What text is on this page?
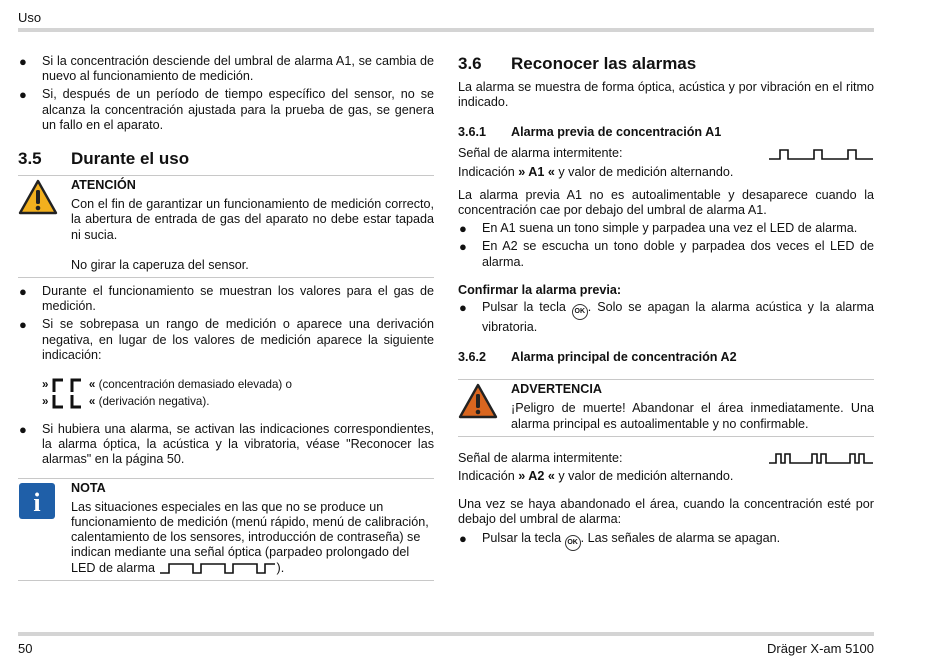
Uso
● Si la concentración desciende del umbral de alarma A1, se cambia de nuevo al funcionamiento de medición.
● Si, después de un período de tiempo específico del sensor, no se alcanza la concentración ajustada para la prueba de gas, se genera un fallo en el aparato.
3.5	Durante el uso
ATENCIÓN

Con el fin de garantizar un funcionamiento de medición correcto, la abertura de entrada de gas del aparato no debe estar tapada ni sucia.

No girar la caperuza del sensor.

● Durante el funcionamiento se muestran los valores para el gas de medición.
● Si se sobrepasa un rango de medición o aparece una derivación negativa, en lugar de los valores de medición aparece la siguiente indicación:
»	« (concentración demasiado elevada) o
»	« (derivación negativa).
● Si hubiera una alarma, se activan las indicaciones correspondientes, la alarma óptica, la acústica y la vibratoria, véase "Reconocer las alarmas" en la página 50.
i NOTA

Las situaciones especiales en las que no se produce un funcionamiento de medición (menú rápido, menú de calibración, calentamiento de los sensores, introducción de contraseña) se indican mediante una señal óptica (parpadeo prolongado del LED de alarma	).

3.6	Reconocer las alarmas

La alarma se muestra de forma óptica, acústica y por vibración en el ritmo indicado.

3.6.1	Alarma previa de concentración A1
Señal de alarma intermitente:

Indicación » A1 « y valor de medición alternando.

La alarma previa A1 no es autoalimentable y desaparece cuando la concentración cae por debajo del umbral de alarma A1.

● En A1 suena un tono simple y parpadea una vez el LED de alarma.
● En A2 se escucha un tono doble y parpadea dos veces el LED de alarma.

Confirmar la alarma previa:

● Pulsar la tecla OK . Solo se apagan la alarma acústica y la alarma vibratoria.
3.6.2	Alarma principal de concentración A2
ADVERTENCIA

¡Peligro de muerte! Abandonar el área inmediatamente. Una alarma principal es autoalimentable y no confirmable.

Señal de alarma intermitente:

Indicación » A2 « y valor de medición alternando.

Una vez se haya abandonado el área, cuando la concentración esté por debajo del umbral de alarma:

● Pulsar la tecla OK . Las señales de alarma se apagan.
50	Dräger X-am 5100
